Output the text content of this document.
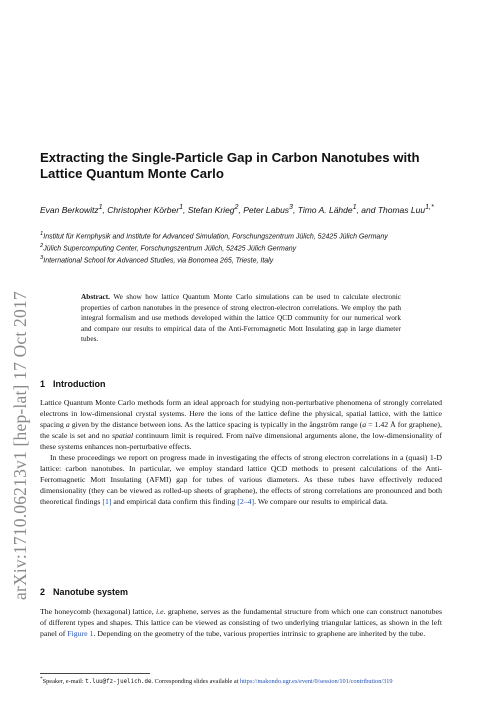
arXiv:1710.06213v1 [hep-lat] 17 Oct 2017
Extracting the Single-Particle Gap in Carbon Nanotubes with Lattice Quantum Monte Carlo
Evan Berkowitz$^1$, Christopher Körber$^1$, Stefan Krieg$^2$, Peter Labus$^3$, Timo A. Lähde$^1$, and Thomas Luu$^{1,*}$

$^1$Institut für Kernphysik and Institute for Advanced Simulation, Forschungszentrum Jülich, 52425 Jülich Germany

$^2$Jülich Supercomputing Center, Forschungszentrum Jülich, 52425 Jülich Germany

$^3$International School for Advanced Studies, via Bonomea 265, Trieste, Italy

Abstract. We show how lattice Quantum Monte Carlo simulations can be used to calculate electronic properties of carbon nanotubes in the presence of strong electron-electron correlations. We employ the path integral formalism and use methods developed within the lattice QCD community for our numerical work and compare our results to empirical data of the Anti-Ferromagnetic Mott Insulating gap in large diameter tubes.
1 Introduction

Lattice Quantum Monte Carlo methods form an ideal approach for studying non-perturbative phenomena of strongly correlated electrons in low-dimensional crystal systems. Here the ions of the lattice define the physical, spatial lattice, with the lattice spacing a given by the distance between ions. As the lattice spacing is typically in the ångström range (a = 1.42 Å for graphene), the scale is set and no spatial continuum limit is required. From naïve dimensional arguments alone, the low-dimensionality of these systems enhances non-perturbative effects.

In these proceedings we report on progress made in investigating the effects of strong electron correlations in a (quasi) 1-D lattice: carbon nanotubes. In particular, we employ standard lattice QCD methods to present calculations of the Anti-Ferromagnetic Mott Insulating (AFMI) gap for tubes of various diameters. As these tubes have effectively reduced dimensionality (they can be viewed as rolled-up sheets of graphene), the effects of strong correlations are pronounced and both theoretical findings [1] and empirical data confirm this finding [2–4]. We compare our results to empirical data.

2 Nanotube system

The honeycomb (hexagonal) lattice, i.e. graphene, serves as the fundamental structure from which one can construct nanotubes of different types and shapes. This lattice can be viewed as consisting of two underlying triangular lattices, as shown in the left panel of Figure 1. Depending on the geometry of the tube, various properties intrinsic to graphene are inherited by the tube.

*Speaker, e-mail: t.luu@fz-juelich.de. Corresponding slides available at https://makondo.ugr.es/event/0/session/101/contribution/319
